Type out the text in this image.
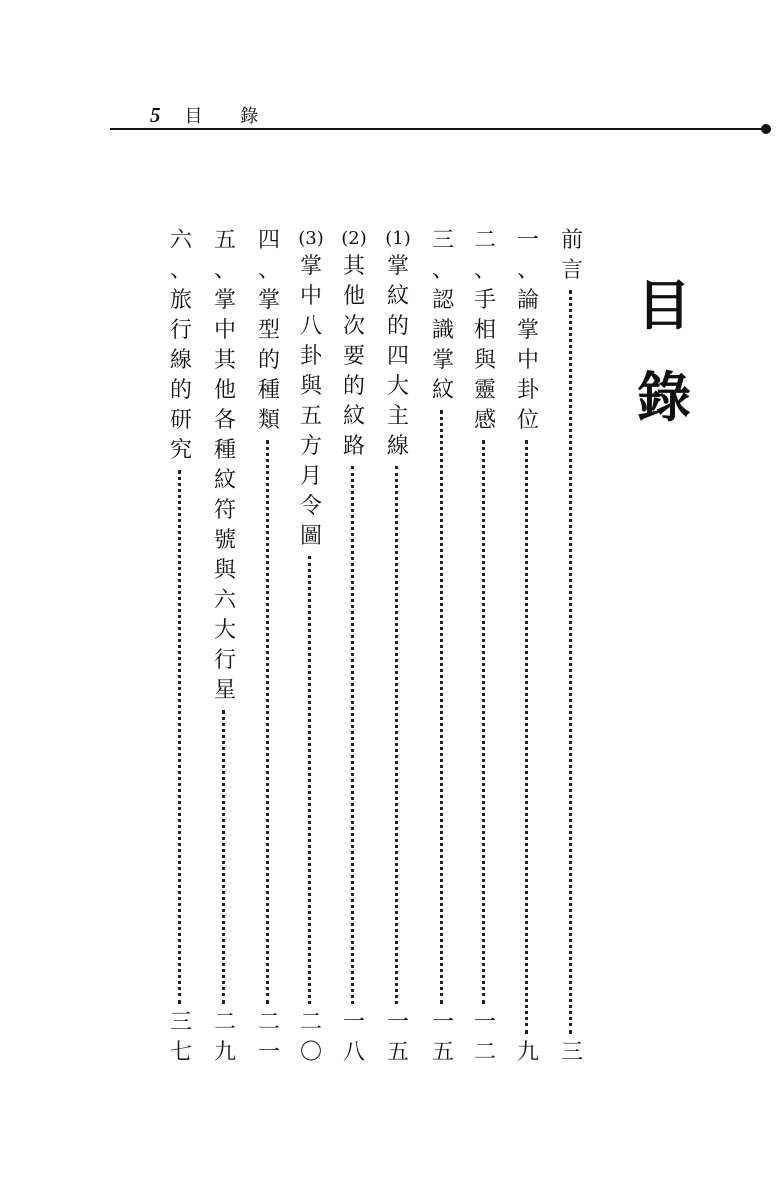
5 目 錄
目
錄
前
言
三
一
、
論
掌
中
卦
位
九
二
、
手
相
與
靈
感
一
二
三
、
認
識
掌
紋
一
五
(1)
掌
紋
的
四
大
主
線
一
五
(2)
其
他
次
要
的
紋
路
一
八
(3)
掌
中
八
卦
與
五
方
月
令
圖
二
〇
四
、
掌
型
的
種
類
二
一
五
、
掌
中
其
他
各
種
紋
符
號
與
六
大
行
星
二
九
六
、
旅
行
線
的
研
究
三
七
